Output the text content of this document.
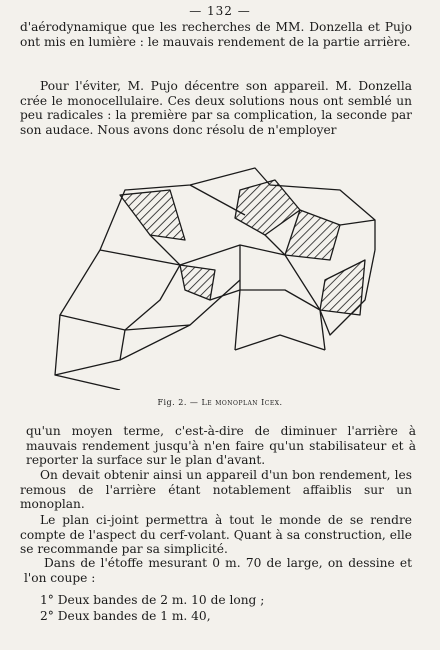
— 132 —

d'aérodynamique que les recherches de MM. Donzella et Pujo ont mis en lumière : le mauvais rendement de la partie arrière.

Pour l'éviter, M. Pujo décentre son appareil. M. Donzella crée le monocellulaire. Ces deux solutions nous ont semblé un peu radicales : la première par sa complication, la seconde par son audace. Nous avons donc résolu de n'employer

Fig. 2. — Le monoplan Icex.

qu'un moyen terme, c'est-à-dire de diminuer l'arrière à mauvais rendement jusqu'à n'en faire qu'un stabilisateur et à reporter la surface sur le plan d'avant.

On devait obtenir ainsi un appareil d'un bon rendement, les remous de l'arrière étant notablement affaiblis sur un monoplan.

Le plan ci-joint permettra à tout le monde de se rendre compte de l'aspect du cerf-volant. Quant à sa construction, elle se recommande par sa simplicité.

Dans de l'étoffe mesurant 0 m. 70 de large, on dessine et l'on coupe :

1° Deux bandes de 2 m. 10 de long ;
2° Deux bandes de 1 m. 40,
